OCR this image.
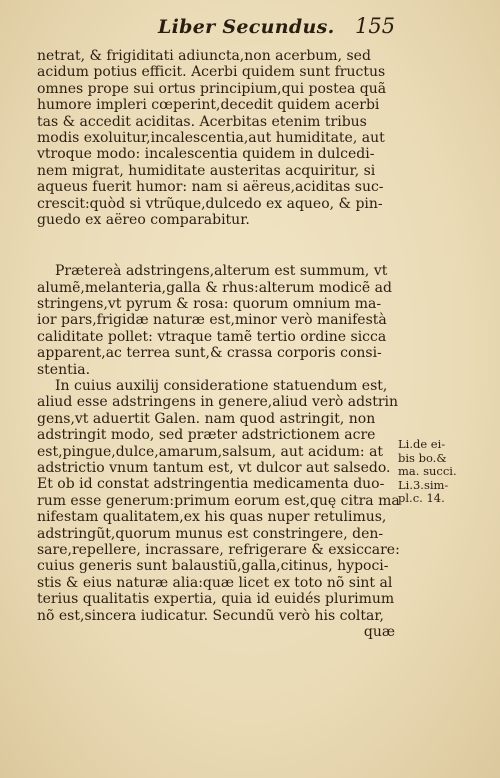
Liber Secundus. 155
netrat, & frigiditati adiuncta,non acerbum, sed
acidum potius efficit. Acerbi quidem sunt fructus
omnes prope sui ortus principium,qui postea quã
humore impleri cœperint,decedit quidem acerbi
tas & accedit aciditas. Acerbitas etenim tribus
modis exoluitur,incalescentia,aut humiditate, aut
vtroque modo: incalescentia quidem in dulcedi-
nem migrat, humiditate austeritas acquiritur, si
aqueus fuerit humor: nam si aëreus,aciditas suc-
crescit:quòd si vtrũque,dulcedo ex aqueo, & pin-
guedo ex aëreo comparabitur.
Prætereà adstringens,alterum est summum, vt
alumẽ,melanteria,galla & rhus:alterum modicẽ ad
stringens,vt pyrum & rosa: quorum omnium ma-
ior pars,frigidæ naturæ est,minor verò manifestà
caliditate pollet: vtraque tamẽ tertio ordine sicca
apparent,ac terrea sunt,& crassa corporis consi-
stentia.
In cuius auxilij consideratione statuendum est,
aliud esse adstringens in genere,aliud verò adstrin
gens,vt aduertit Galen. nam quod astringit, non
adstringit modo, sed præter adstrictionem acre
est,pingue,dulce,amarum,salsum, aut acidum: at
adstrictio vnum tantum est, vt dulcor aut salsedo.
Et ob id constat adstringentia medicamenta duo-
rum esse generum:primum eorum est,quę citra ma
nifestam qualitatem,ex his quas nuper retulimus,
adstringũt,quorum munus est constringere, den-
sare,repellere, incrassare, refrigerare & exsiccare:
cuius generis sunt balaustiũ,galla,citinus, hypoci-
stis & eius naturæ alia:quæ licet ex toto nõ sint al
terius qualitatis expertia, quia id euidés plurimum
nõ est,sincera iudicatur. Secundũ verò his coltar,
quæ
Li.de ei-
bis bo.&
ma. succi.
Li.3.sim-
pl.c. 14.
